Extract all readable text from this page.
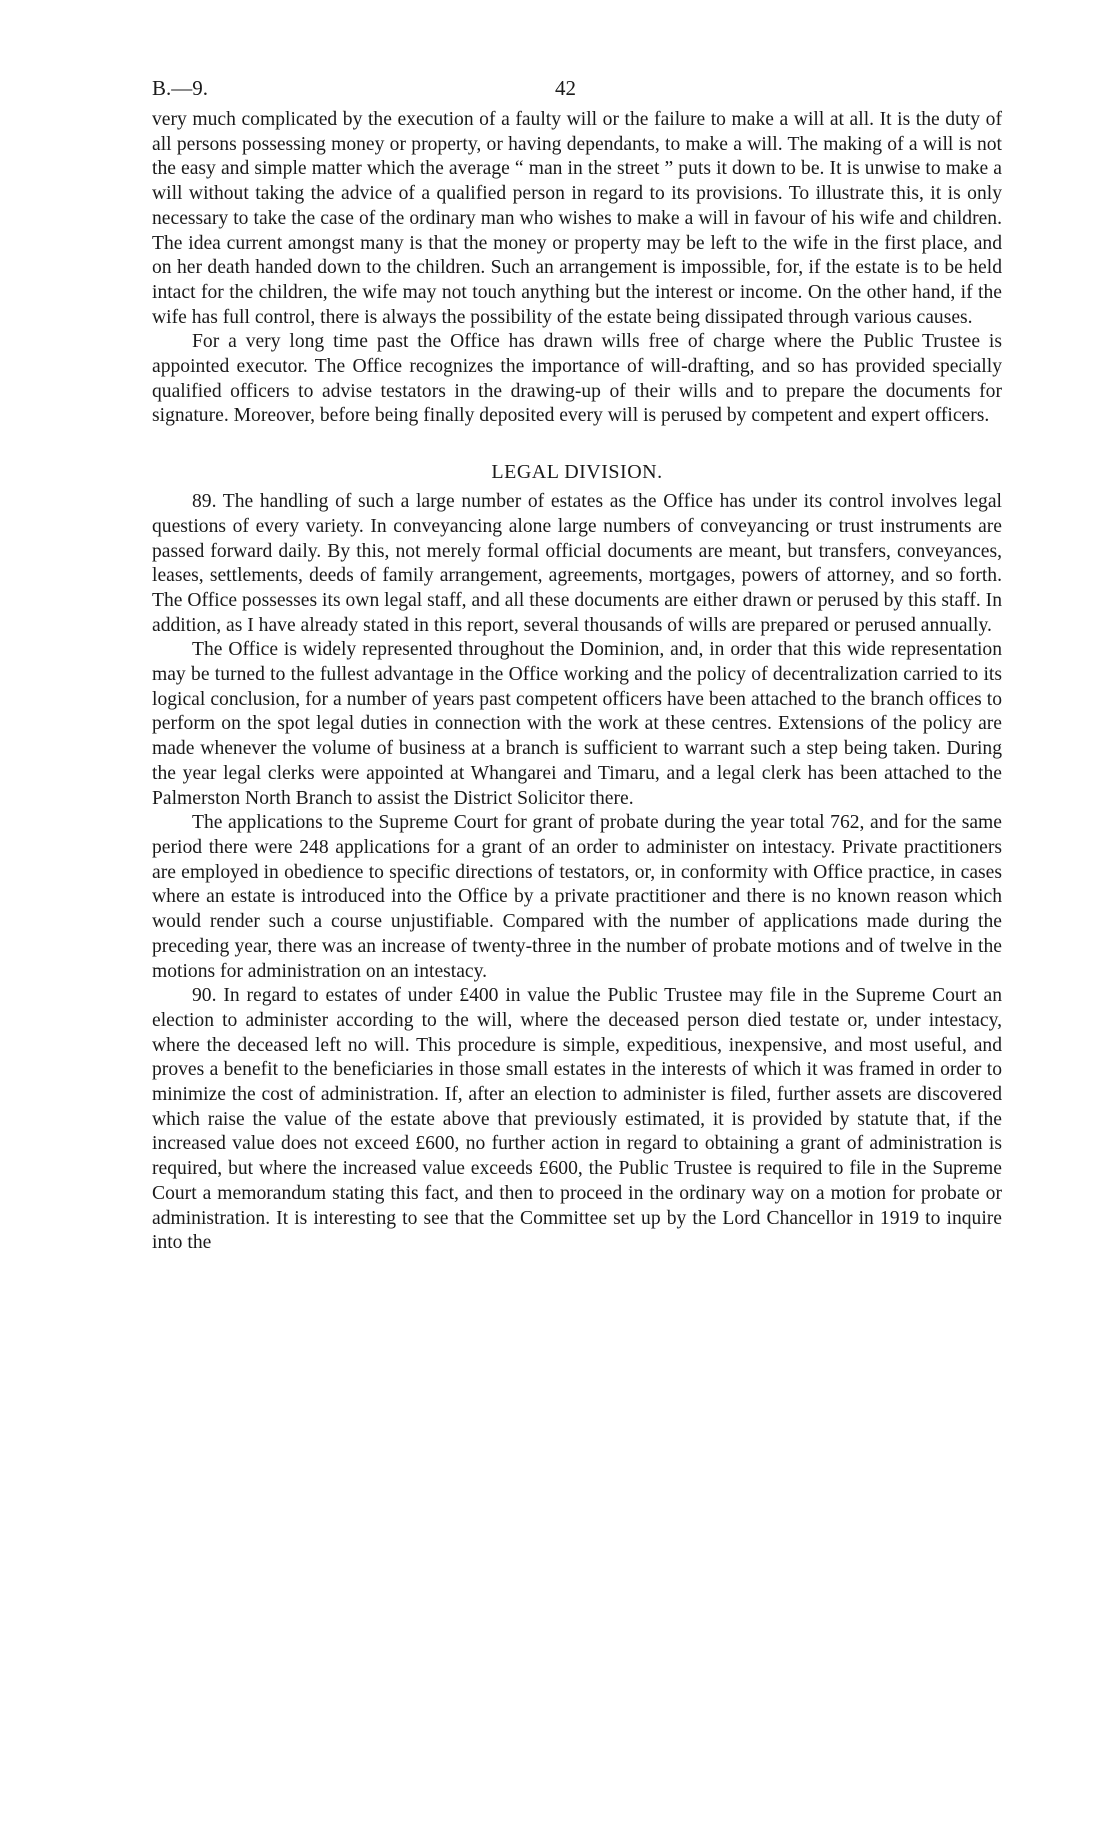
B.—9.	42

very much complicated by the execution of a faulty will or the failure to make a will at all. It is the duty of all persons possessing money or property, or having dependants, to make a will. The making of a will is not the easy and simple matter which the average “ man in the street ” puts it down to be. It is unwise to make a will without taking the advice of a qualified person in regard to its provisions. To illustrate this, it is only necessary to take the case of the ordinary man who wishes to make a will in favour of his wife and children. The idea current amongst many is that the money or property may be left to the wife in the first place, and on her death handed down to the children. Such an arrangement is impossible, for, if the estate is to be held intact for the children, the wife may not touch anything but the interest or income. On the other hand, if the wife has full control, there is always the possibility of the estate being dissipated through various causes.

For a very long time past the Office has drawn wills free of charge where the Public Trustee is appointed executor. The Office recognizes the importance of will-drafting, and so has provided specially qualified officers to advise testators in the drawing-up of their wills and to prepare the documents for signature. Moreover, before being finally deposited every will is perused by competent and expert officers.

LEGAL DIVISION.

89. The handling of such a large number of estates as the Office has under its control involves legal questions of every variety. In conveyancing alone large numbers of conveyancing or trust instruments are passed forward daily. By this, not merely formal official documents are meant, but transfers, conveyances, leases, settlements, deeds of family arrangement, agreements, mortgages, powers of attorney, and so forth. The Office possesses its own legal staff, and all these documents are either drawn or perused by this staff. In addition, as I have already stated in this report, several thousands of wills are prepared or perused annually.

The Office is widely represented throughout the Dominion, and, in order that this wide representation may be turned to the fullest advantage in the Office working and the policy of decentralization carried to its logical conclusion, for a number of years past competent officers have been attached to the branch offices to perform on the spot legal duties in connection with the work at these centres. Extensions of the policy are made whenever the volume of business at a branch is sufficient to warrant such a step being taken. During the year legal clerks were appointed at Whangarei and Timaru, and a legal clerk has been attached to the Palmerston North Branch to assist the District Solicitor there.

The applications to the Supreme Court for grant of probate during the year total 762, and for the same period there were 248 applications for a grant of an order to administer on intestacy. Private practitioners are employed in obedience to specific directions of testators, or, in conformity with Office practice, in cases where an estate is introduced into the Office by a private practitioner and there is no known reason which would render such a course unjustifiable. Compared with the number of applications made during the preceding year, there was an increase of twenty-three in the number of probate motions and of twelve in the motions for administration on an intestacy.

90. In regard to estates of under £400 in value the Public Trustee may file in the Supreme Court an election to administer according to the will, where the deceased person died testate or, under intestacy, where the deceased left no will. This procedure is simple, expeditious, inexpensive, and most useful, and proves a benefit to the beneficiaries in those small estates in the interests of which it was framed in order to minimize the cost of administration. If, after an election to administer is filed, further assets are discovered which raise the value of the estate above that previously estimated, it is provided by statute that, if the increased value does not exceed £600, no further action in regard to obtaining a grant of administration is required, but where the increased value exceeds £600, the Public Trustee is required to file in the Supreme Court a memorandum stating this fact, and then to proceed in the ordinary way on a motion for probate or administration. It is interesting to see that the Committee set up by the Lord Chancellor in 1919 to inquire into the
